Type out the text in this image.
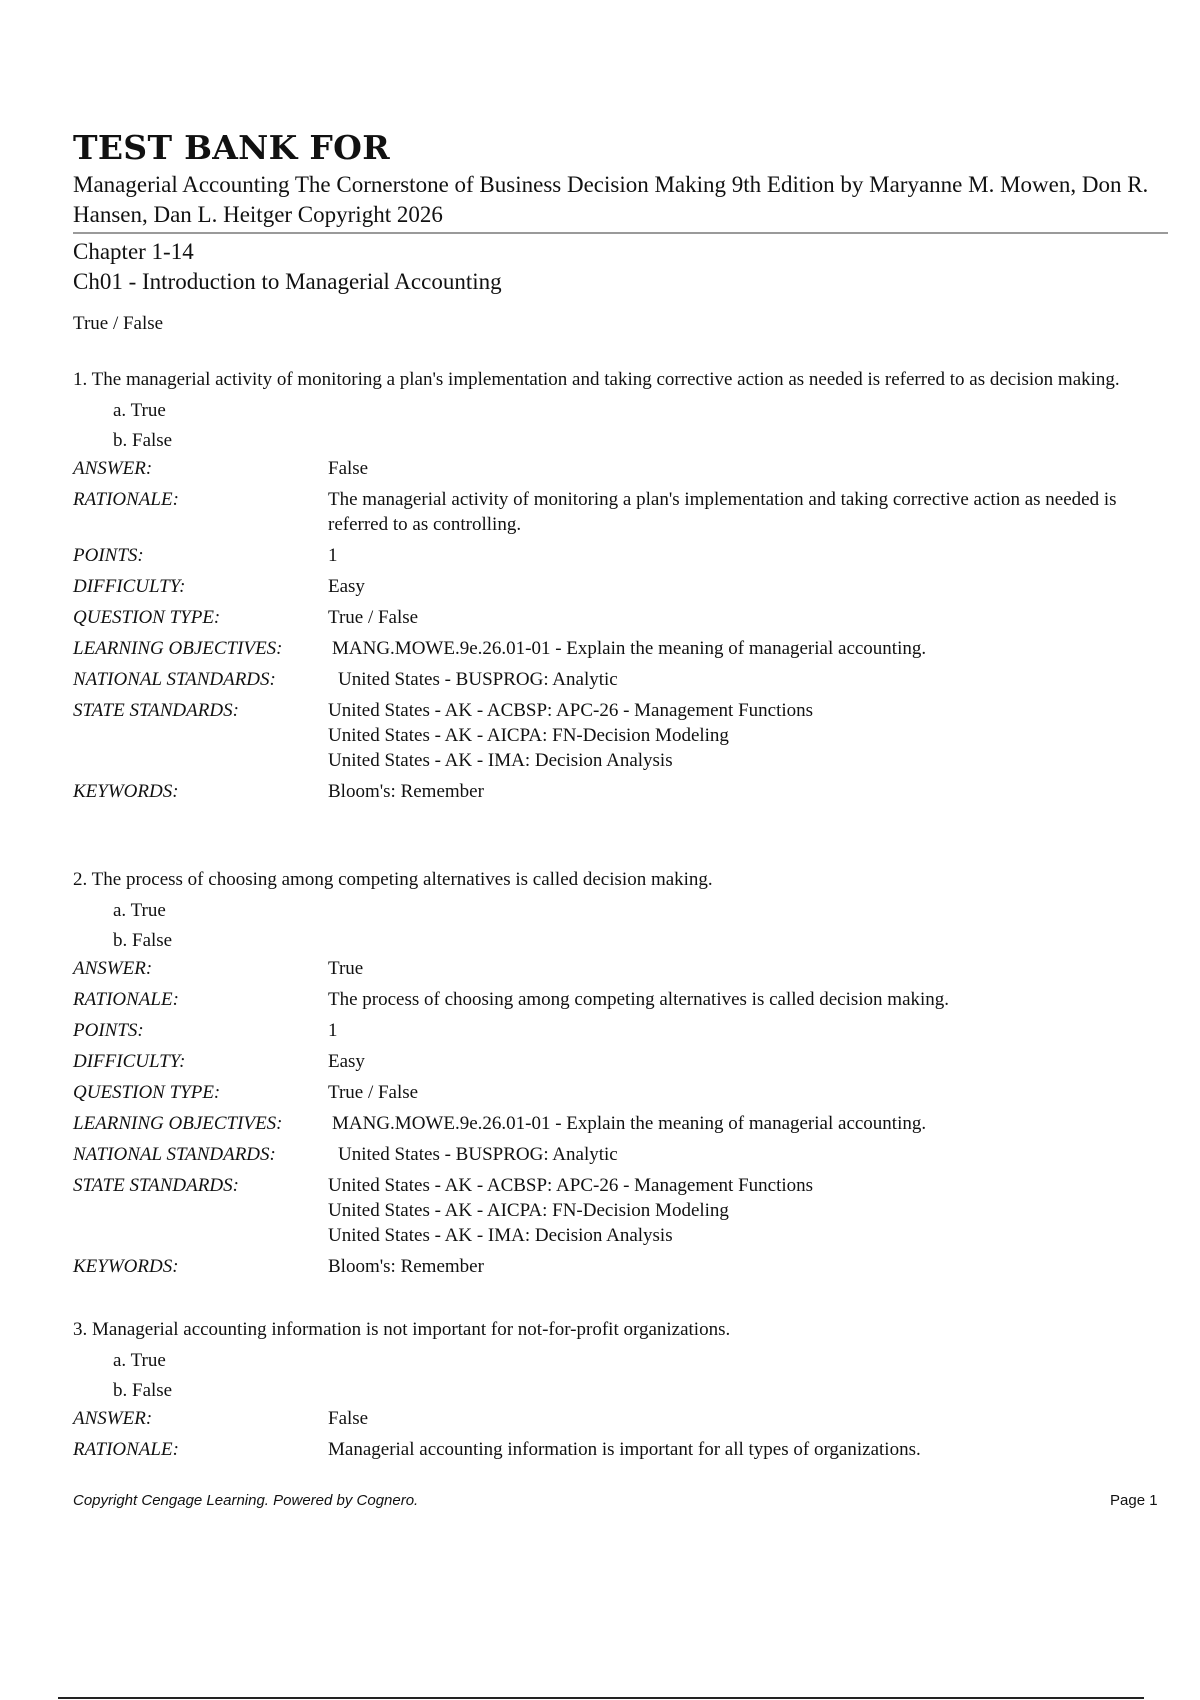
TEST BANK FOR

Managerial Accounting The Cornerstone of Business Decision Making 9th Edition by Maryanne M. Mowen, Don R. Hansen, Dan L. Heitger Copyright 2026

Chapter 1-14
Ch01 - Introduction to Managerial Accounting
True / False

1. The managerial activity of monitoring a plan's implementation and taking corrective action as needed is referred to as decision making.

a. True
b. False
ANSWER:	False
RATIONALE:	The managerial activity of monitoring a plan's implementation and taking corrective action as needed is referred to as controlling.
POINTS:	1
DIFFICULTY:	Easy
QUESTION TYPE:	True / False
LEARNING OBJECTIVES:	MANG.MOWE.9e.26.01-01 - Explain the meaning of managerial accounting.
NATIONAL STANDARDS:	United States - BUSPROG: Analytic
STATE STANDARDS:	United States - AK - ACBSP: APC-26 - Management Functions
United States - AK - AICPA: FN-Decision Modeling
United States - AK - IMA: Decision Analysis
KEYWORDS:	Bloom's: Remember

2. The process of choosing among competing alternatives is called decision making.

a. True
b. False
ANSWER:	True
RATIONALE:	The process of choosing among competing alternatives is called decision making.
POINTS:	1
DIFFICULTY:	Easy
QUESTION TYPE:	True / False
LEARNING OBJECTIVES:	MANG.MOWE.9e.26.01-01 - Explain the meaning of managerial accounting.
NATIONAL STANDARDS:	United States - BUSPROG: Analytic
STATE STANDARDS:	United States - AK - ACBSP: APC-26 - Management Functions
United States - AK - AICPA: FN-Decision Modeling
United States - AK - IMA: Decision Analysis
KEYWORDS:	Bloom's: Remember

3. Managerial accounting information is not important for not-for-profit organizations.

a. True
b. False
ANSWER:	False
RATIONALE:	Managerial accounting information is important for all types of organizations.
Copyright Cengage Learning. Powered by Cognero.	Page 1
